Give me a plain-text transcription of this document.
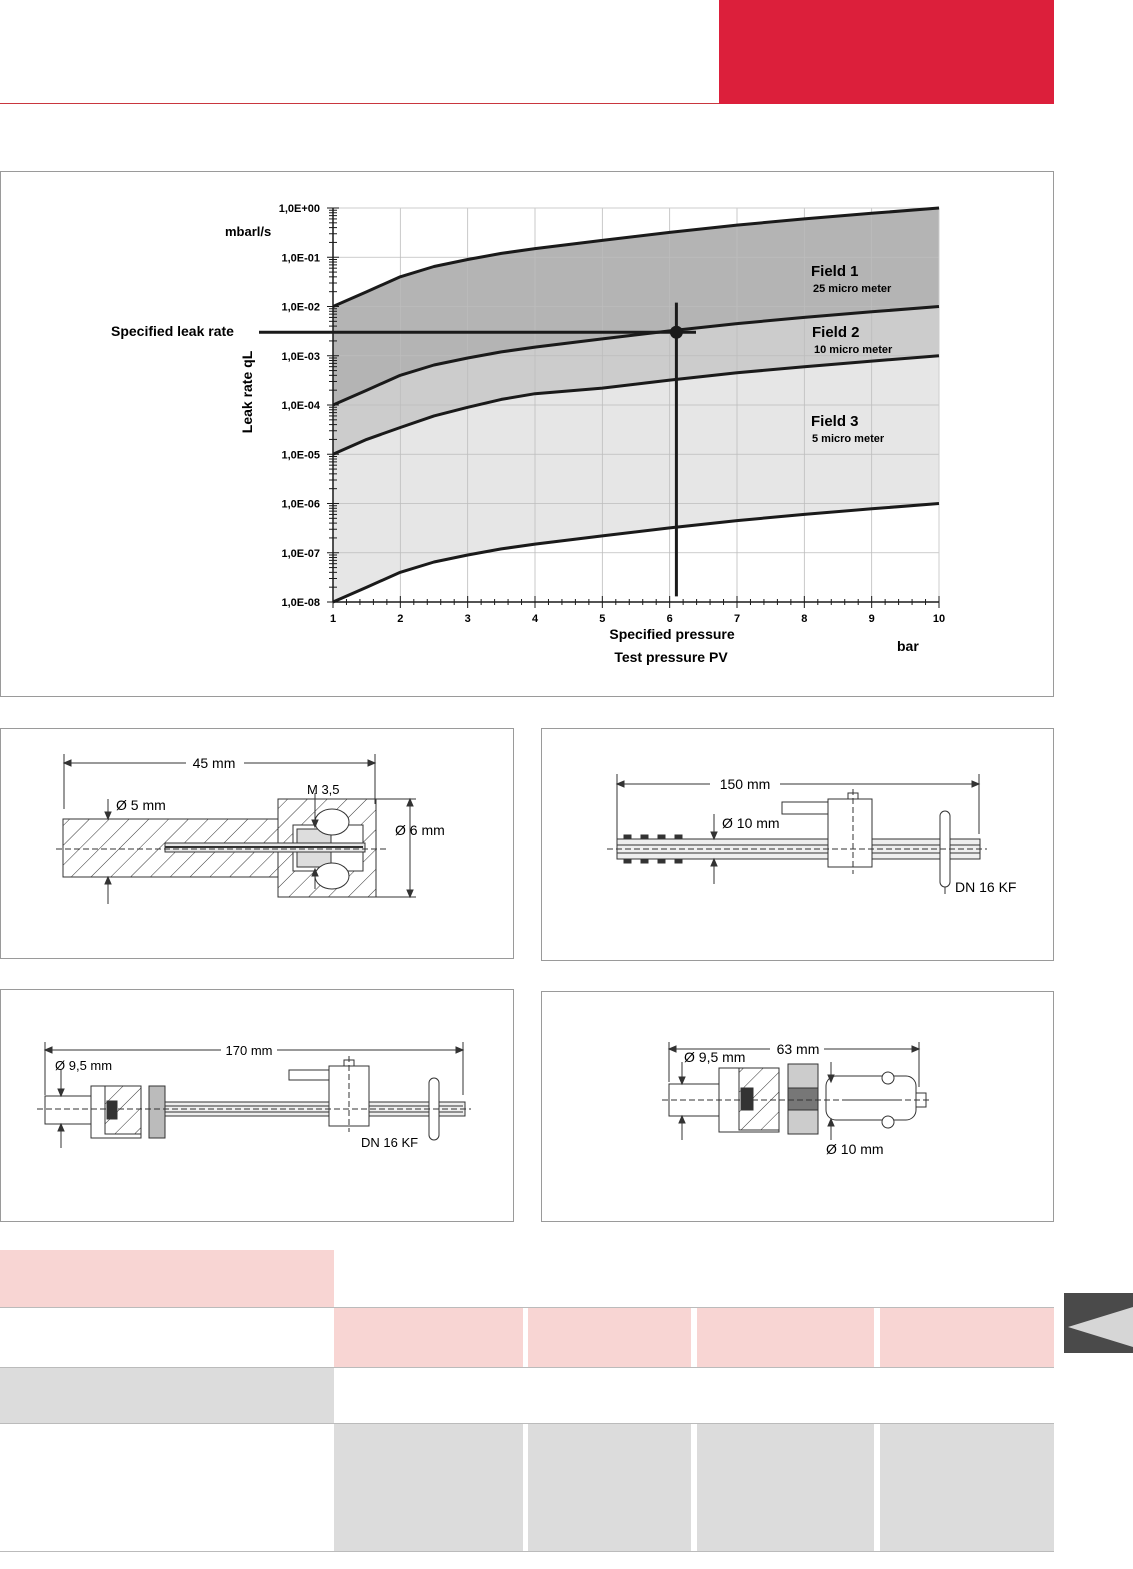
1,0E+00
1,0E-01
1,0E-02
1,0E-03
1,0E-04
1,0E-05
1,0E-06
1,0E-07
1,0E-08
1	2	3	4	5	6	7	8	9	10
mbarl/s
Leak rate qL
Specified leak rate
Specified pressure
Test pressure PV
bar
Field 1
25 micro meter
Field 2
10 micro meter
Field 3
5 micro meter
45 mm
Ø 5 mm
M 3,5
Ø 6 mm
150 mm
Ø 10 mm
DN 16 KF
170 mm
Ø 9,5 mm
DN 16 KF
63 mm
Ø 9,5 mm
Ø 10 mm
